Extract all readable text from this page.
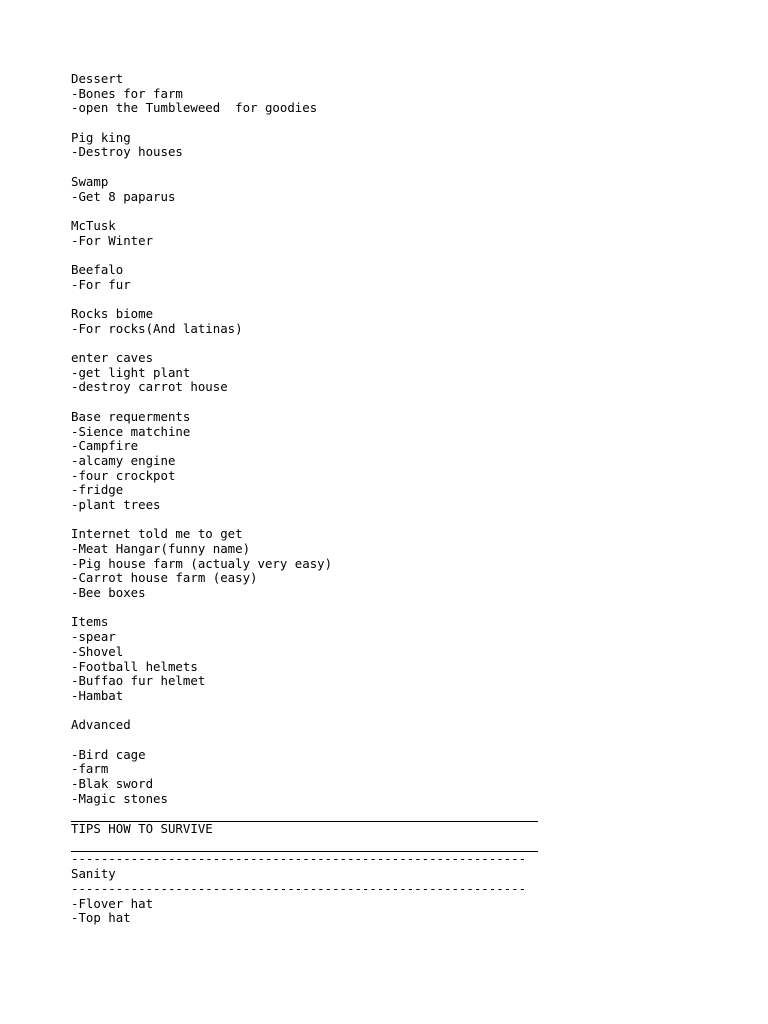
Dessert
-Bones for farm
-open the Tumbleweed  for goodies
Pig king
-Destroy houses
Swamp
-Get 8 paparus
McTusk
-For Winter
Beefalo
-For fur
Rocks biome
-For rocks(And latinas)
enter caves
-get light plant
-destroy carrot house
Base requerments
-Sience matchine
-Campfire
-alcamy engine
-four crockpot
-fridge
-plant trees
Internet told me to get
-Meat Hangar(funny name)
-Pig house farm (actualy very easy)
-Carrot house farm (easy)
-Bee boxes
Items
-spear
-Shovel
-Football helmets
-Buffao fur helmet
-Hambat
Advanced
-Bird cage
-farm
-Blak sword
-Magic stones
TIPS HOW TO SURVIVE
-------------------------------------------------------------
Sanity
-------------------------------------------------------------
-Flover hat
-Top hat
